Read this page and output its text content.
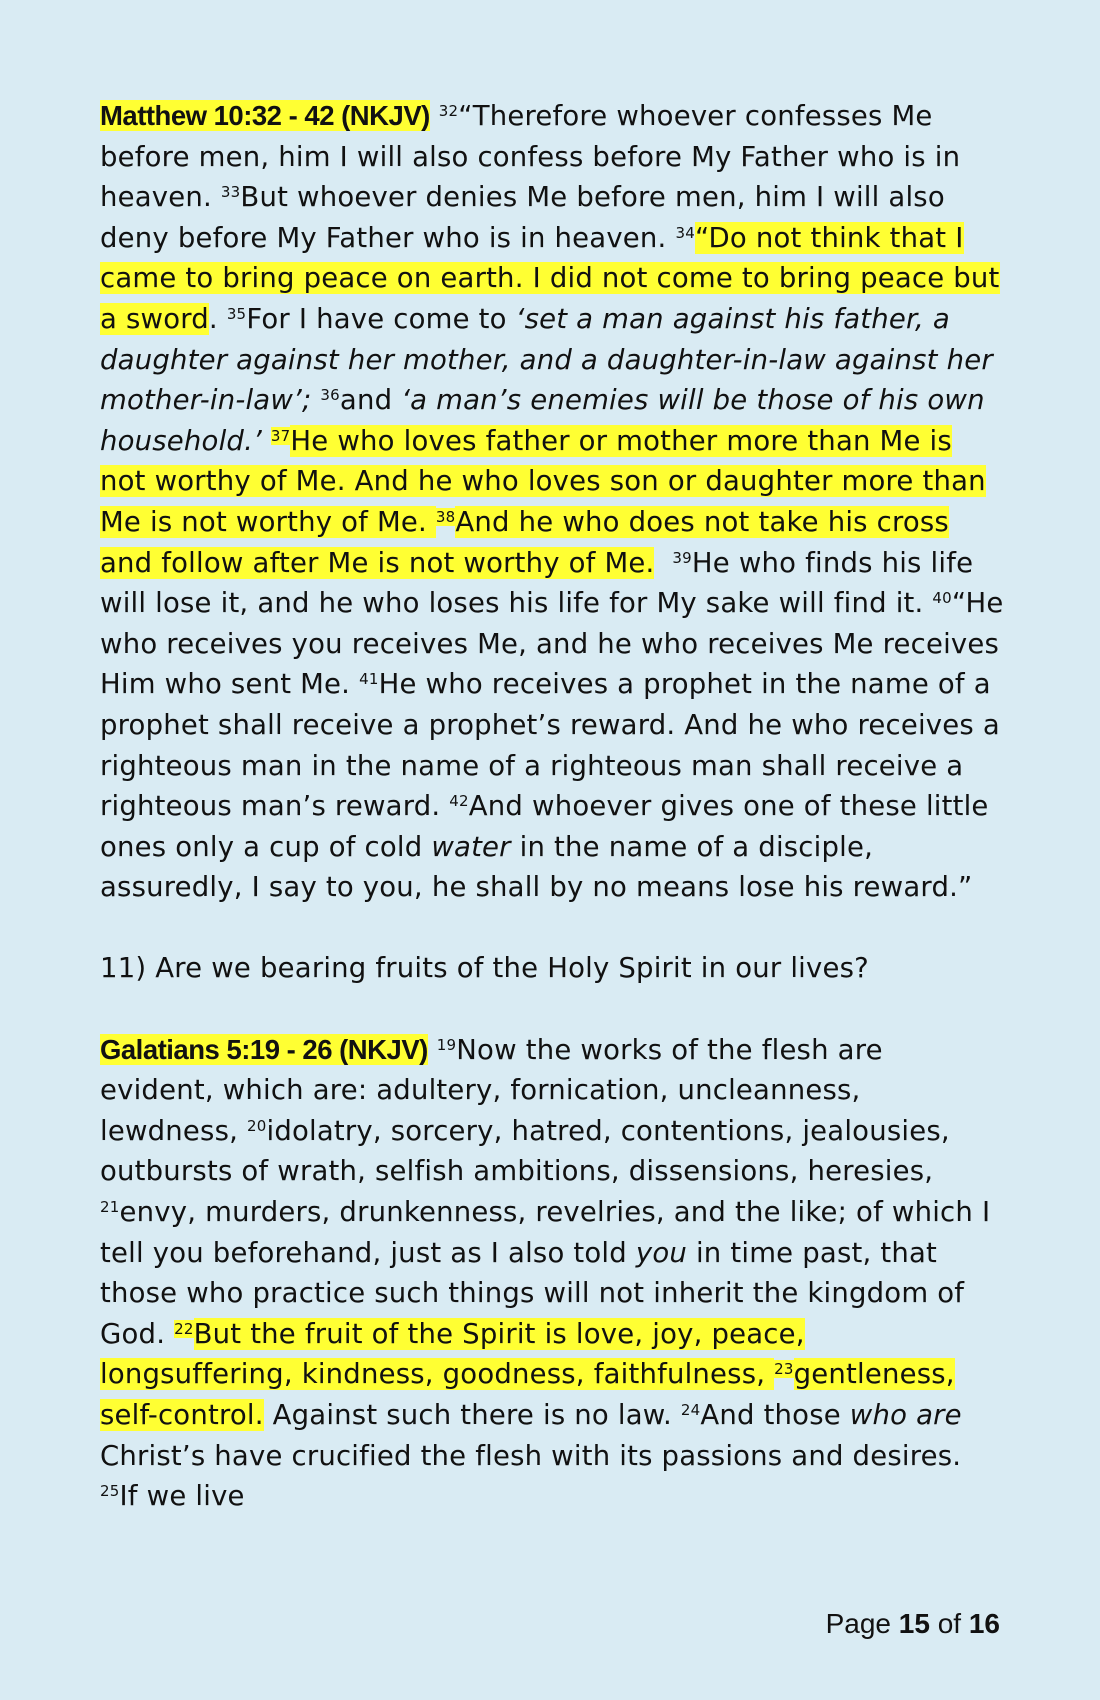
Matthew 10:32 - 42 (NKJV) $^{32}$“Therefore whoever confesses Me before men, him I will also confess before My Father who is in heaven. $^{33}$But whoever denies Me before men, him I will also deny before My Father who is in heaven. $^{34}$“Do not think that I came to bring peace on earth. I did not come to bring peace but a sword. $^{35}$For I have come to ‘set a man against his father, a daughter against her mother, and a daughter-in-law against her mother-in-law’; $^{36}$and ‘a man’s enemies will be those of his own household.’ $^{37}$He who loves father or mother more than Me is not worthy of Me. And he who loves son or daughter more than Me is not worthy of Me. $^{38}$And he who does not take his cross and follow after Me is not worthy of Me. $^{39}$He who finds his life will lose it, and he who loses his life for My sake will find it. $^{40}$“He who receives you receives Me, and he who receives Me receives Him who sent Me. $^{41}$He who receives a prophet in the name of a prophet shall receive a prophet’s reward. And he who receives a righteous man in the name of a righteous man shall receive a righteous man’s reward. $^{42}$And whoever gives one of these little ones only a cup of cold water in the name of a disciple, assuredly, I say to you, he shall by no means lose his reward.”

11) Are we bearing fruits of the Holy Spirit in our lives?

Galatians 5:19 - 26 (NKJV) $^{19}$Now the works of the flesh are evident, which are: adultery, fornication, uncleanness, lewdness, $^{20}$idolatry, sorcery, hatred, contentions, jealousies, outbursts of wrath, selfish ambitions, dissensions, heresies, $^{21}$envy, murders, drunkenness, revelries, and the like; of which I tell you beforehand, just as I also told you in time past, that those who practice such things will not inherit the kingdom of God. $^{22}$But the fruit of the Spirit is love, joy, peace, longsuffering, kindness, goodness, faithfulness, $^{23}$gentleness, self-control. Against such there is no law. $^{24}$And those who are Christ’s have crucified the flesh with its passions and desires. $^{25}$If we live

Page 15 of 16
